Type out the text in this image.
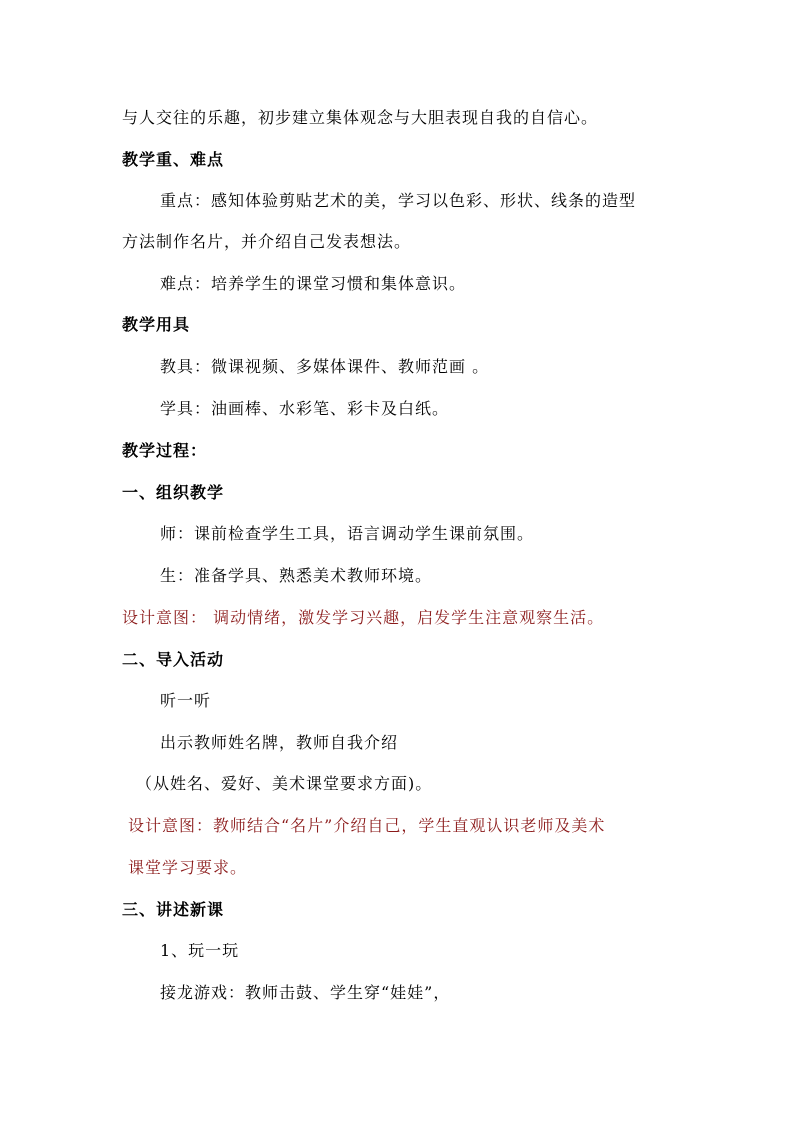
与人交往的乐趣，初步建立集体观念与大胆表现自我的自信心。
教学重、难点
重点：感知体验剪贴艺术的美，学习以色彩、形状、线条的造型
方法制作名片，并介绍自己发表想法。
难点：培养学生的课堂习惯和集体意识。
教学用具
教具：微课视频、多媒体课件、教师范画 。
学具：油画棒、水彩笔、彩卡及白纸。
教学过程：
一、组织教学
师：课前检查学生工具，语言调动学生课前氛围。
生：准备学具、熟悉美术教师环境。
设计意图： 调动情绪，激发学习兴趣，启发学生注意观察生活。
二、导入活动
听一听
出示教师姓名牌，教师自我介绍
（从姓名、爱好、美术课堂要求方面)。
设计意图：教师结合“名片”介绍自己，学生直观认识老师及美术
课堂学习要求。
三、讲述新课
1、玩一玩
接龙游戏：教师击鼓、学生穿“娃娃”，
